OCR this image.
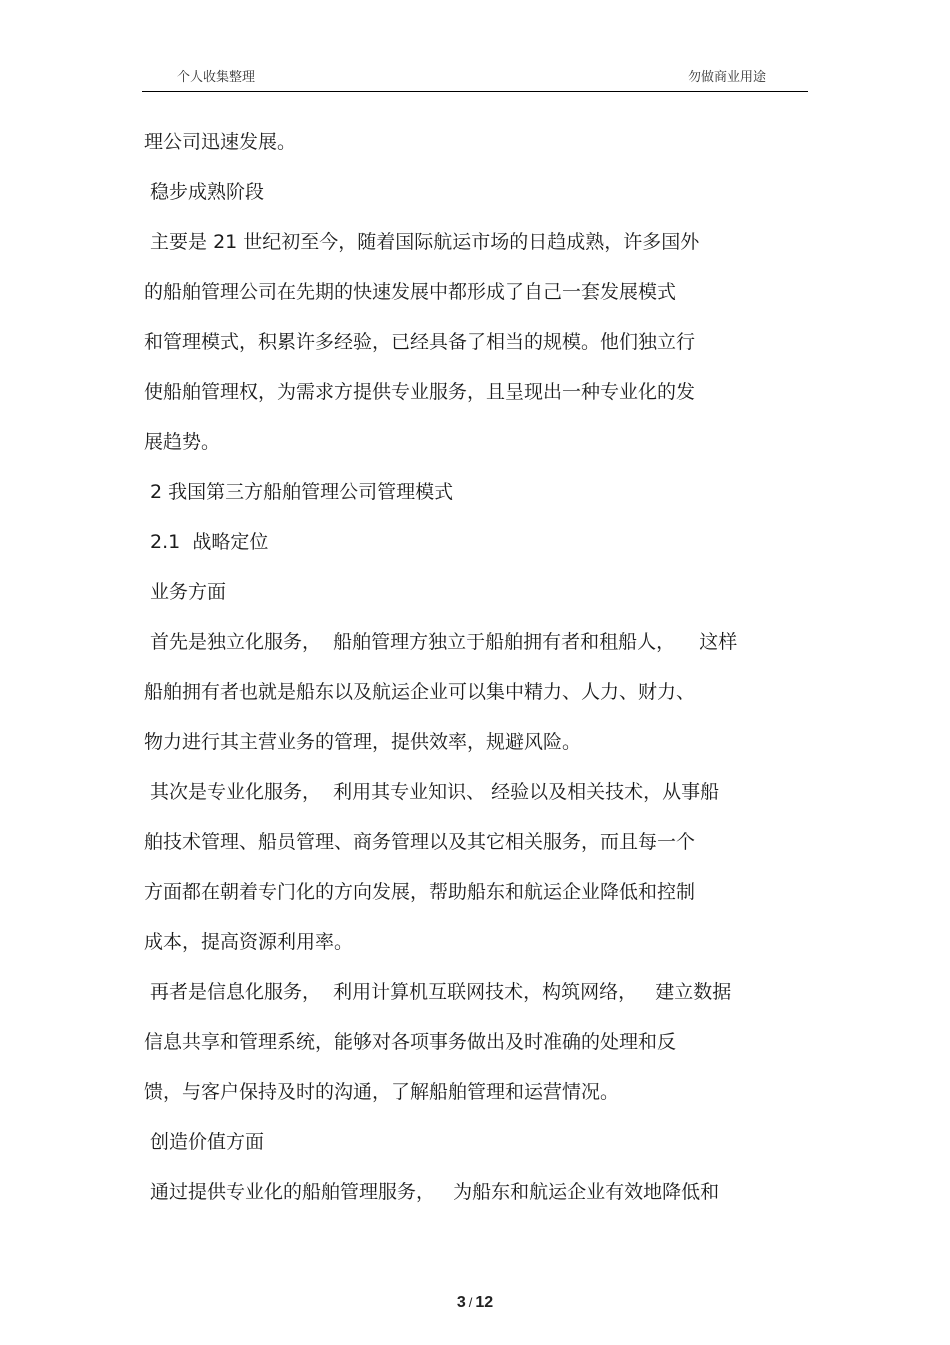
个人收集整理	勿做商业用途
理公司迅速发展。
稳步成熟阶段
主要是 21 世纪初至今，随着国际航运市场的日趋成熟，许多国外
的船舶管理公司在先期的快速发展中都形成了自己一套发展模式
和管理模式，积累许多经验，已经具备了相当的规模。他们独立行
使船舶管理权，为需求方提供专业服务，且呈现出一种专业化的发
展趋势。
2 我国第三方船舶管理公司管理模式
2.1  战略定位
业务方面
首先是独立化服务，  船舶管理方独立于船舶拥有者和租船人，    这样
船舶拥有者也就是船东以及航运企业可以集中精力、人力、财力、
物力进行其主营业务的管理，提供效率，规避风险。
其次是专业化服务，  利用其专业知识、 经验以及相关技术，从事船
舶技术管理、船员管理、商务管理以及其它相关服务，而且每一个
方面都在朝着专门化的方向发展，帮助船东和航运企业降低和控制
成本，提高资源利用率。
再者是信息化服务，  利用计算机互联网技术，构筑网络，   建立数据
信息共享和管理系统，能够对各项事务做出及时准确的处理和反
馈，与客户保持及时的沟通，了解船舶管理和运营情况。
创造价值方面
通过提供专业化的船舶管理服务，   为船东和航运企业有效地降低和
3 / 12
